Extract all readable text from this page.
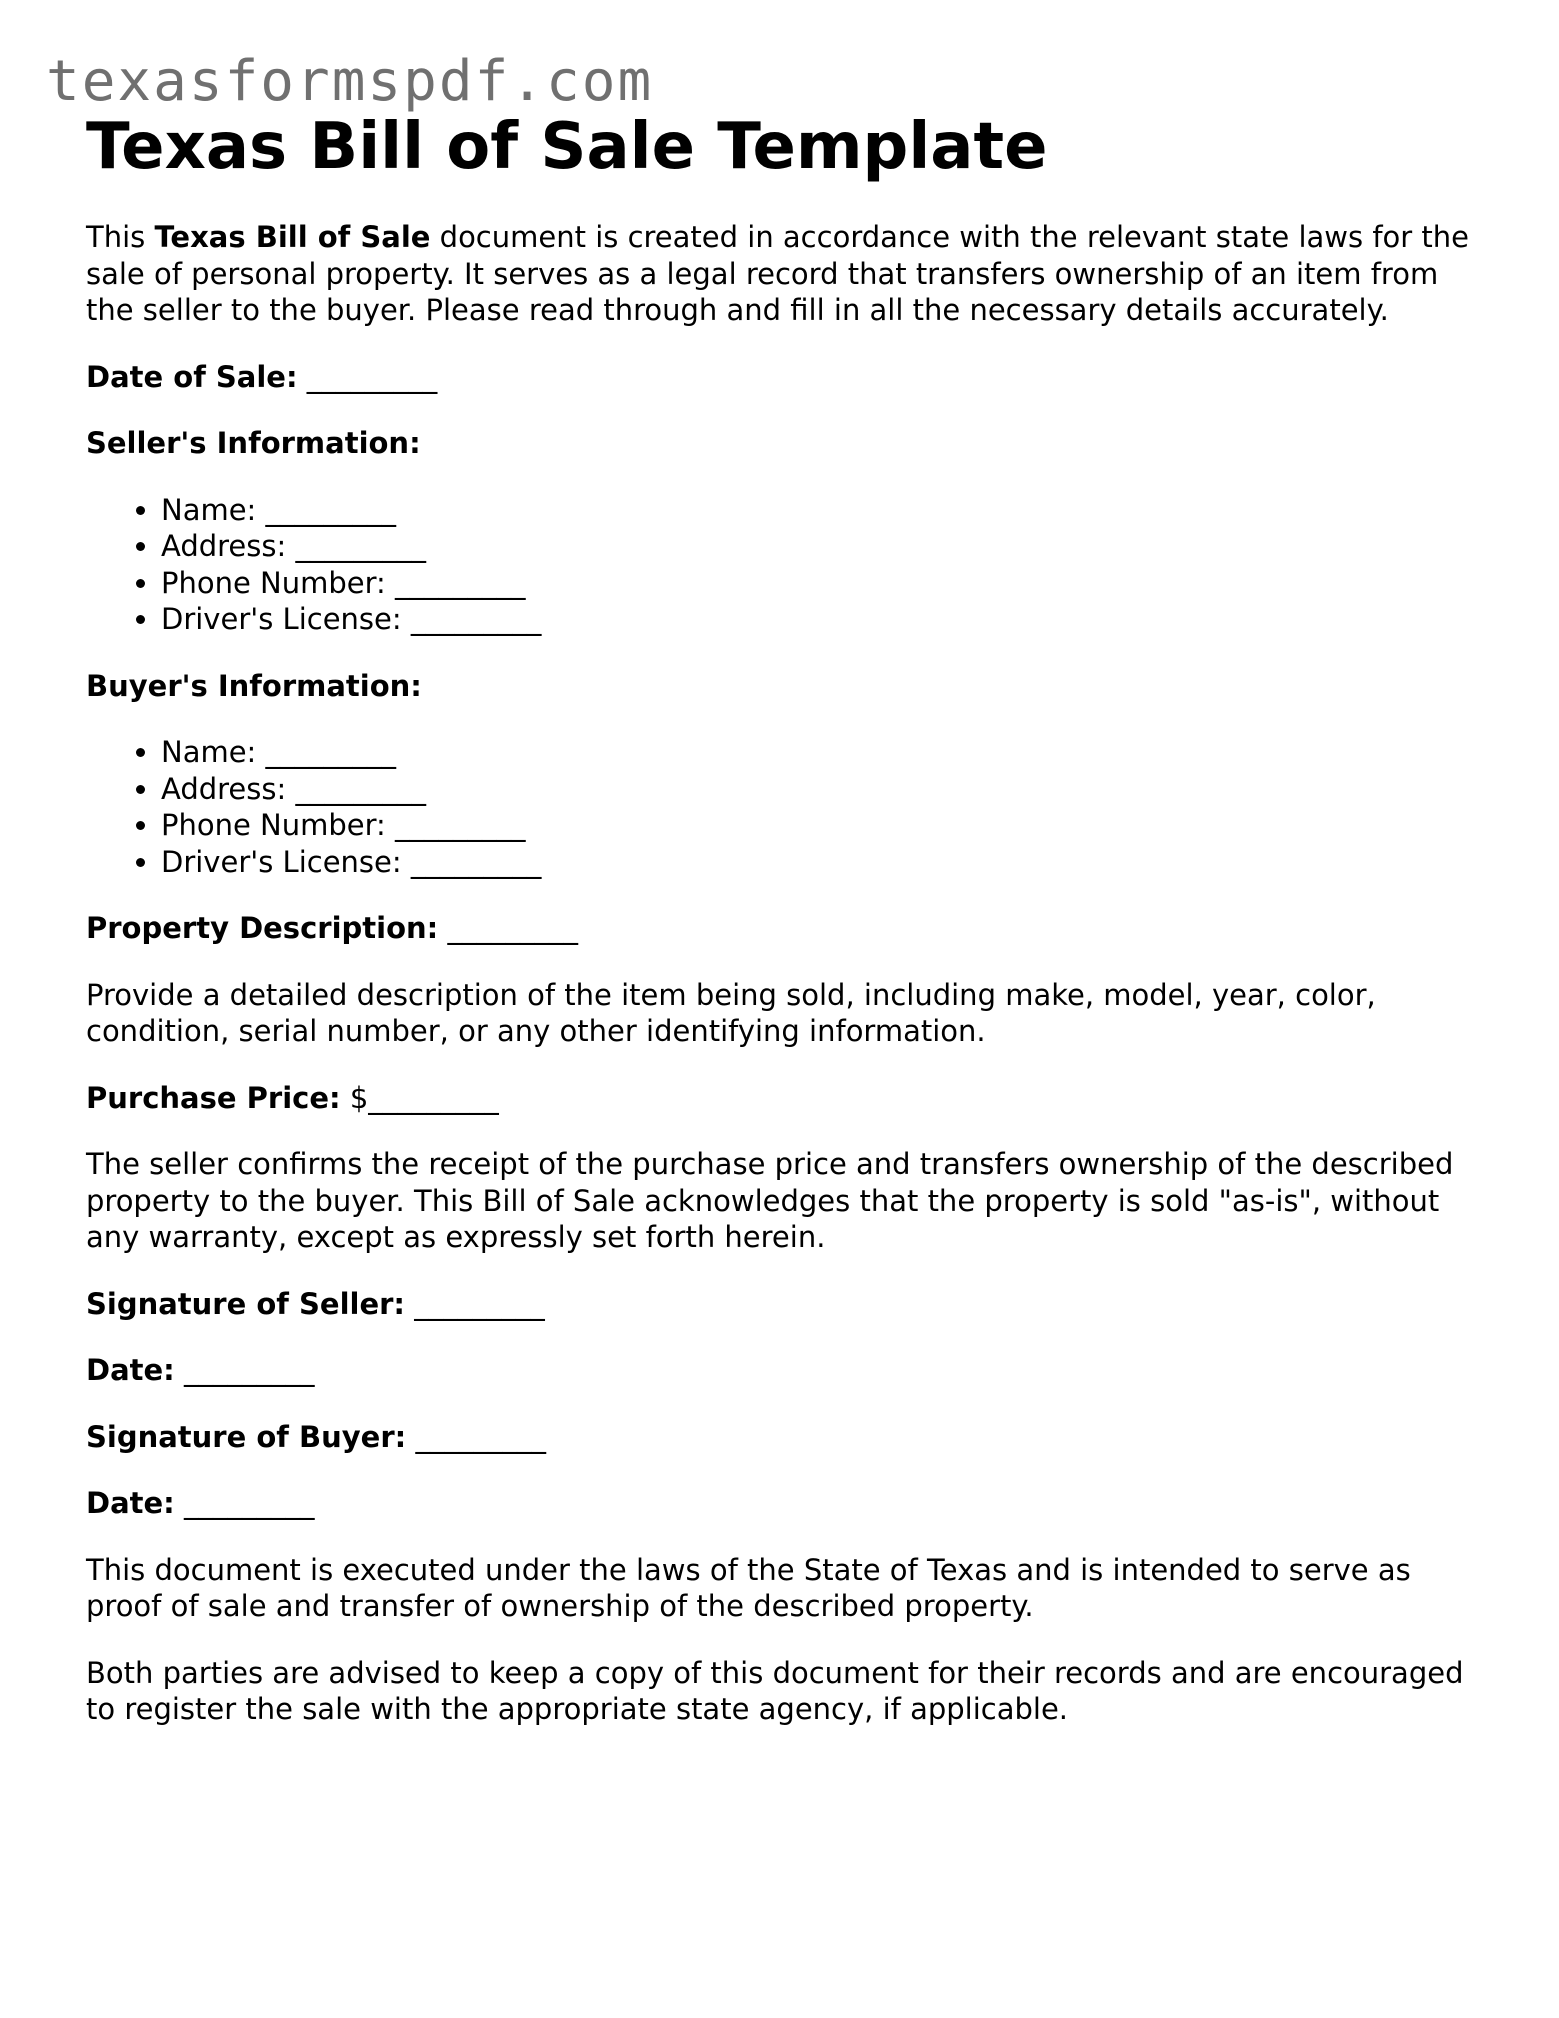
texasformspdf.com
Texas Bill of Sale Template

This Texas Bill of Sale document is created in accordance with the relevant state laws for the sale of personal property. It serves as a legal record that transfers ownership of an item from the seller to the buyer. Please read through and fill in all the necessary details accurately.

Date of Sale: _________

Seller's Information:

• Name: _________
• Address: _________
• Phone Number: _________
• Driver's License: _________

Buyer's Information:

• Name: _________
• Address: _________
• Phone Number: _________
• Driver's License: _________

Property Description: _________

Provide a detailed description of the item being sold, including make, model, year, color, condition, serial number, or any other identifying information.

Purchase Price: $_________

The seller confirms the receipt of the purchase price and transfers ownership of the described property to the buyer. This Bill of Sale acknowledges that the property is sold "as-is", without any warranty, except as expressly set forth herein.

Signature of Seller: _________

Date: _________

Signature of Buyer: _________

Date: _________

This document is executed under the laws of the State of Texas and is intended to serve as proof of sale and transfer of ownership of the described property.

Both parties are advised to keep a copy of this document for their records and are encouraged to register the sale with the appropriate state agency, if applicable.
